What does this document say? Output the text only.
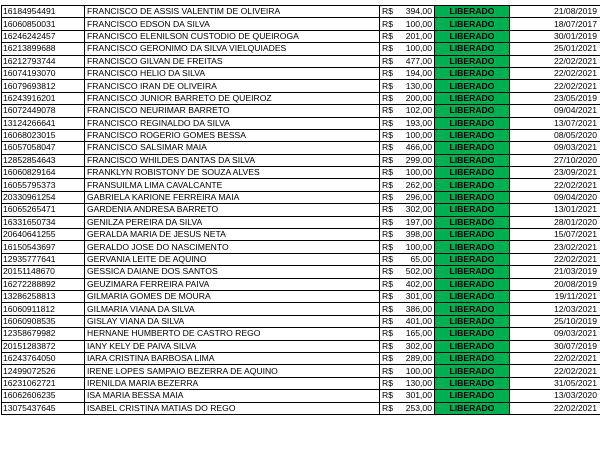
16184954491	FRANCISCO DE ASSIS VALENTIM DE OLIVEIRA	R$	394,00	LIBERADO	21/08/2019
16060850031	FRANCISCO EDSON DA SILVA	R$	100,00	LIBERADO	18/07/2017
16246242457	FRANCISCO ELENILSON CUSTODIO DE QUEIROGA	R$	201,00	LIBERADO	30/01/2019
16213899688	FRANCISCO GERONIMO DA SILVA VIELQUIADES	R$	100,00	LIBERADO	25/01/2021
16212793744	FRANCISCO GILVAN DE FREITAS	R$	477,00	LIBERADO	22/02/2021
16074193070	FRANCISCO HELIO DA SILVA	R$	194,00	LIBERADO	22/02/2021
16079693812	FRANCISCO IRAN DE OLIVEIRA	R$	130,00	LIBERADO	22/02/2021
16243916201	FRANCISCO JUNIOR BARRETO DE QUEIROZ	R$	200,00	LIBERADO	23/05/2019
16072449078	FRANCISCO NEURIMAR BARRETO	R$	102,00	LIBERADO	09/04/2021
13124266641	FRANCISCO REGINALDO DA SILVA	R$	193,00	LIBERADO	13/07/2021
16068023015	FRANCISCO ROGERIO GOMES BESSA	R$	100,00	LIBERADO	08/05/2020
16057058047	FRANCISCO SALSIMAR MAIA	R$	466,00	LIBERADO	09/03/2021
12852854643	FRANCISCO WHILDES DANTAS DA SILVA	R$	299,00	LIBERADO	27/10/2020
16060829164	FRANKLYN ROBISTONY DE SOUZA ALVES	R$	100,00	LIBERADO	23/09/2021
16055795373	FRANSUILMA LIMA CAVALCANTE	R$	262,00	LIBERADO	22/02/2021
20330961254	GABRIELA KARIONE FERREIRA MAIA	R$	296,00	LIBERADO	09/04/2020
16065265471	GARDENIA ANDRESA BARRETO	R$	302,00	LIBERADO	13/01/2021
16331650734	GENILZA PEREIRA DA SILVA	R$	197,00	LIBERADO	28/01/2020
20640641255	GERALDA MARIA DE JESUS NETA	R$	398,00	LIBERADO	15/07/2021
16150543697	GERALDO JOSE DO NASCIMENTO	R$	100,00	LIBERADO	23/02/2021
12935777641	GERVANIA LEITE DE AQUINO	R$	65,00	LIBERADO	22/02/2021
20151148670	GESSICA DAIANE DOS SANTOS	R$	502,00	LIBERADO	21/03/2019
16272288892	GEUZIMARA FERREIRA PAIVA	R$	402,00	LIBERADO	20/08/2019
13286258813	GILMARIA GOMES DE MOURA	R$	301,00	LIBERADO	19/11/2021
16060911812	GILMARIA VIANA DA SILVA	R$	386,00	LIBERADO	12/03/2021
16060908535	GISLAY VIANA DA SILVA	R$	401,00	LIBERADO	25/10/2019
12358679982	HERNANE HUMBERTO DE CASTRO REGO	R$	165,00	LIBERADO	09/03/2021
20151283872	IANY KELY DE PAIVA SILVA	R$	302,00	LIBERADO	30/07/2019
16243764050	IARA CRISTINA BARBOSA LIMA	R$	289,00	LIBERADO	22/02/2021
12499072526	IRENE LOPES SAMPAIO BEZERRA DE AQUINO	R$	100,00	LIBERADO	22/02/2021
16231062721	IRENILDA MARIA BEZERRA	R$	130,00	LIBERADO	31/05/2021
16062606235	ISA MARIA BESSA MAIA	R$	301,00	LIBERADO	13/03/2020
13075437645	ISABEL CRISTINA MATIAS DO REGO	R$	253,00	LIBERADO	22/02/2021
